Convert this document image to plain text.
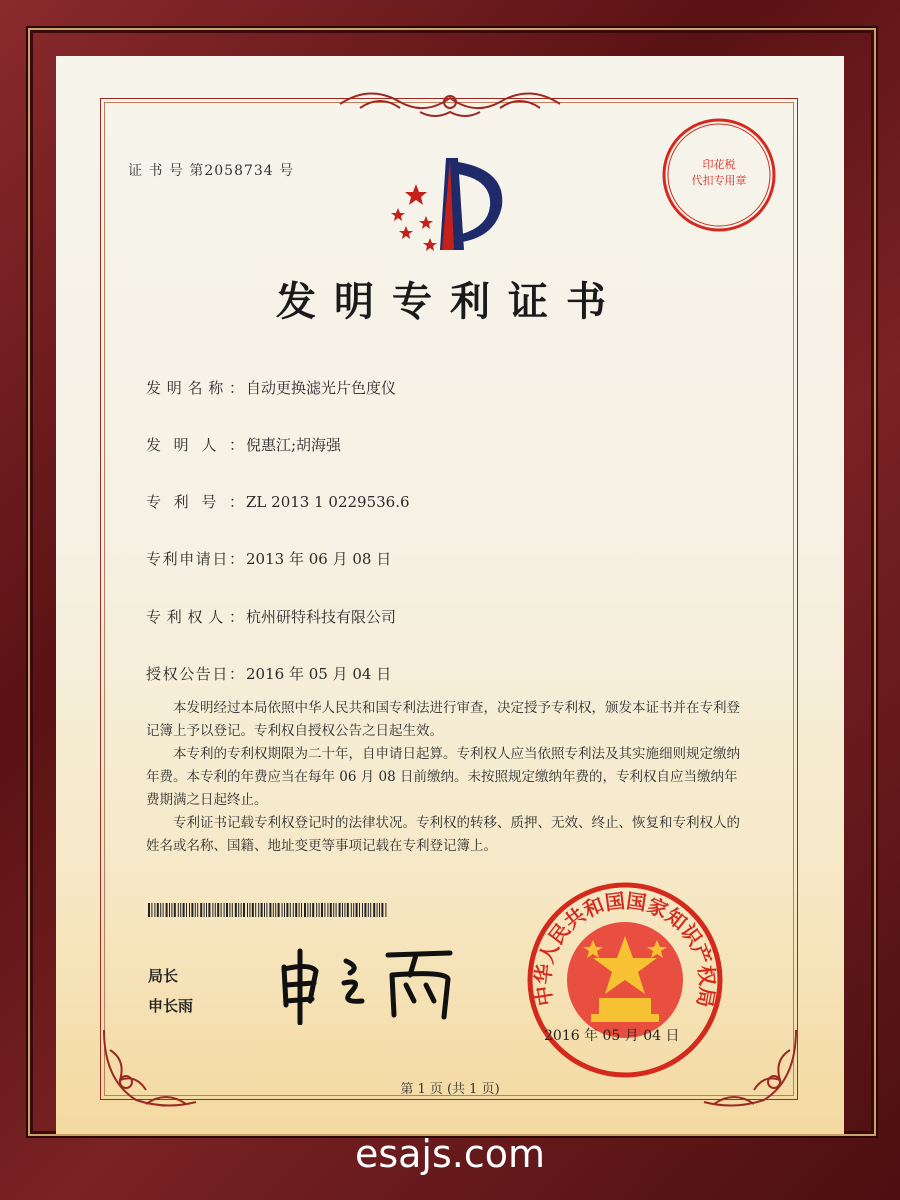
证 书 号 第2058734 号
发明专利证书
发明名称： 自动更换滤光片色度仪
发明人： 倪惠江;胡海强
专利号： ZL 2013 1 0229536.6
专利申请日： 2013 年 06 月 08 日
专利权人： 杭州研特科技有限公司
授权公告日： 2016 年 05 月 04 日

本发明经过本局依照中华人民共和国专利法进行审查，决定授予专利权，颁发本证书并在专利登记簿上予以登记。专利权自授权公告之日起生效。

本专利的专利权期限为二十年，自申请日起算。专利权人应当依照专利法及其实施细则规定缴纳年费。本专利的年费应当在每年 06 月 08 日前缴纳。未按照规定缴纳年费的，专利权自应当缴纳年费期满之日起终止。

专利证书记载专利权登记时的法律状况。专利权的转移、质押、无效、终止、恢复和专利权人的姓名或名称、国籍、地址变更等事项记载在专利登记簿上。

局长
申长雨
印花税
代扣专用章
中华人民共和国国家知识产权局
2016 年 05 月 04 日
第 1 页 (共 1 页)
esajs.com
